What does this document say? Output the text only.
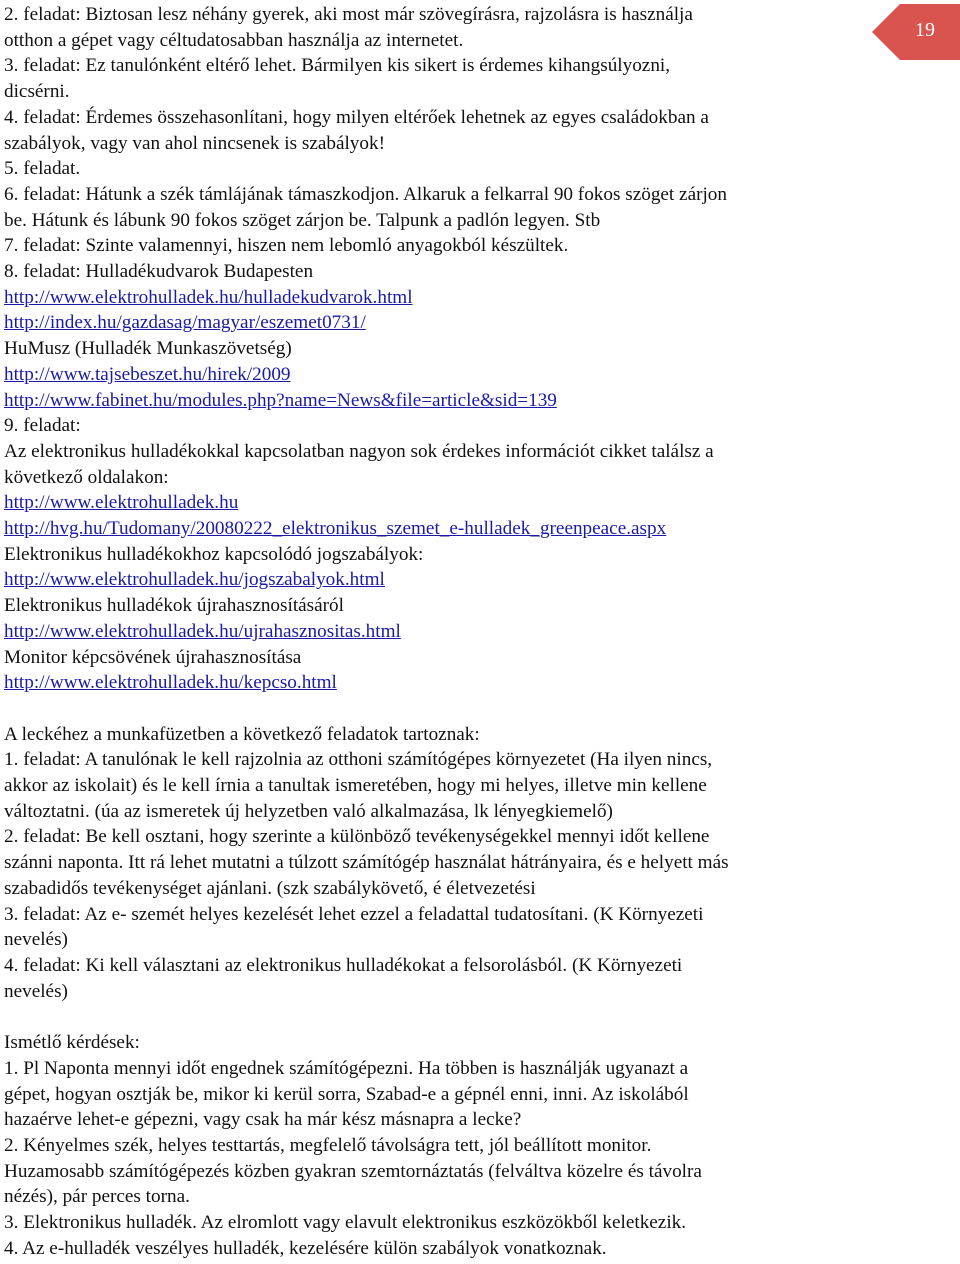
2. feladat: Biztosan lesz néhány gyerek, aki most már szövegírásra, rajzolásra is használja

otthon a gépet vagy céltudatosabban használja az internetet.

3. feladat: Ez tanulónként eltérő lehet. Bármilyen kis sikert is érdemes kihangsúlyozni,

dicsérni.

4. feladat: Érdemes összehasonlítani, hogy milyen eltérőek lehetnek az egyes családokban a

szabályok, vagy van ahol nincsenek is szabályok!

5. feladat.

6. feladat: Hátunk a szék támlájának támaszkodjon. Alkaruk a felkarral 90 fokos szöget zárjon

be. Hátunk és lábunk 90 fokos szöget zárjon be. Talpunk a padlón legyen. Stb

7. feladat: Szinte valamennyi, hiszen nem lebomló anyagokból készültek.

8. feladat: Hulladékudvarok Budapesten

http://www.elektrohulladek.hu/hulladekudvarok.html

http://index.hu/gazdasag/magyar/eszemet0731/

HuMusz (Hulladék Munkaszövetség)

http://www.tajsebeszet.hu/hirek/2009

http://www.fabinet.hu/modules.php?name=News&file=article&sid=139

9. feladat:

Az elektronikus hulladékokkal kapcsolatban nagyon sok érdekes információt cikket találsz a

következő oldalakon:

http://www.elektrohulladek.hu

http://hvg.hu/Tudomany/20080222_elektronikus_szemet_e-hulladek_greenpeace.aspx

Elektronikus hulladékokhoz kapcsolódó jogszabályok:

http://www.elektrohulladek.hu/jogszabalyok.html

Elektronikus hulladékok újrahasznosításáról

http://www.elektrohulladek.hu/ujrahasznositas.html

Monitor képcsövének újrahasznosítása

http://www.elektrohulladek.hu/kepcso.html

A leckéhez a munkafüzetben a következő feladatok tartoznak:

1. feladat: A tanulónak le kell rajzolnia az otthoni számítógépes környezetet (Ha ilyen nincs,

akkor az iskolait) és le kell írnia a tanultak ismeretében, hogy mi helyes, illetve min kellene

változtatni. (úa az ismeretek új helyzetben való alkalmazása, lk lényegkiemelő)

2. feladat: Be kell osztani, hogy szerinte a különböző tevékenységekkel mennyi időt kellene

szánni naponta. Itt rá lehet mutatni a túlzott számítógép használat hátrányaira, és e helyett más

szabadidős tevékenységet ajánlani. (szk szabálykövető, é életvezetési

3. feladat: Az e- szemét helyes kezelését lehet ezzel a feladattal tudatosítani. (K Környezeti

nevelés)

4. feladat: Ki kell választani az elektronikus hulladékokat a felsorolásból. (K Környezeti

nevelés)

Ismétlő kérdések:

1. Pl Naponta mennyi időt engednek számítógépezni. Ha többen is használják ugyanazt a

gépet, hogyan osztják be, mikor ki kerül sorra, Szabad-e a gépnél enni, inni. Az iskolából

hazaérve lehet-e gépezni, vagy csak ha már kész másnapra a lecke?

2. Kényelmes szék, helyes testtartás, megfelelő távolságra tett, jól beállított monitor.

Huzamosabb számítógépezés közben gyakran szemtornáztatás (felváltva közelre és távolra

nézés), pár perces torna.

3. Elektronikus hulladék. Az elromlott vagy elavult elektronikus eszközökből keletkezik.

4. Az e-hulladék veszélyes hulladék, kezelésére külön szabályok vonatkoznak.

19
